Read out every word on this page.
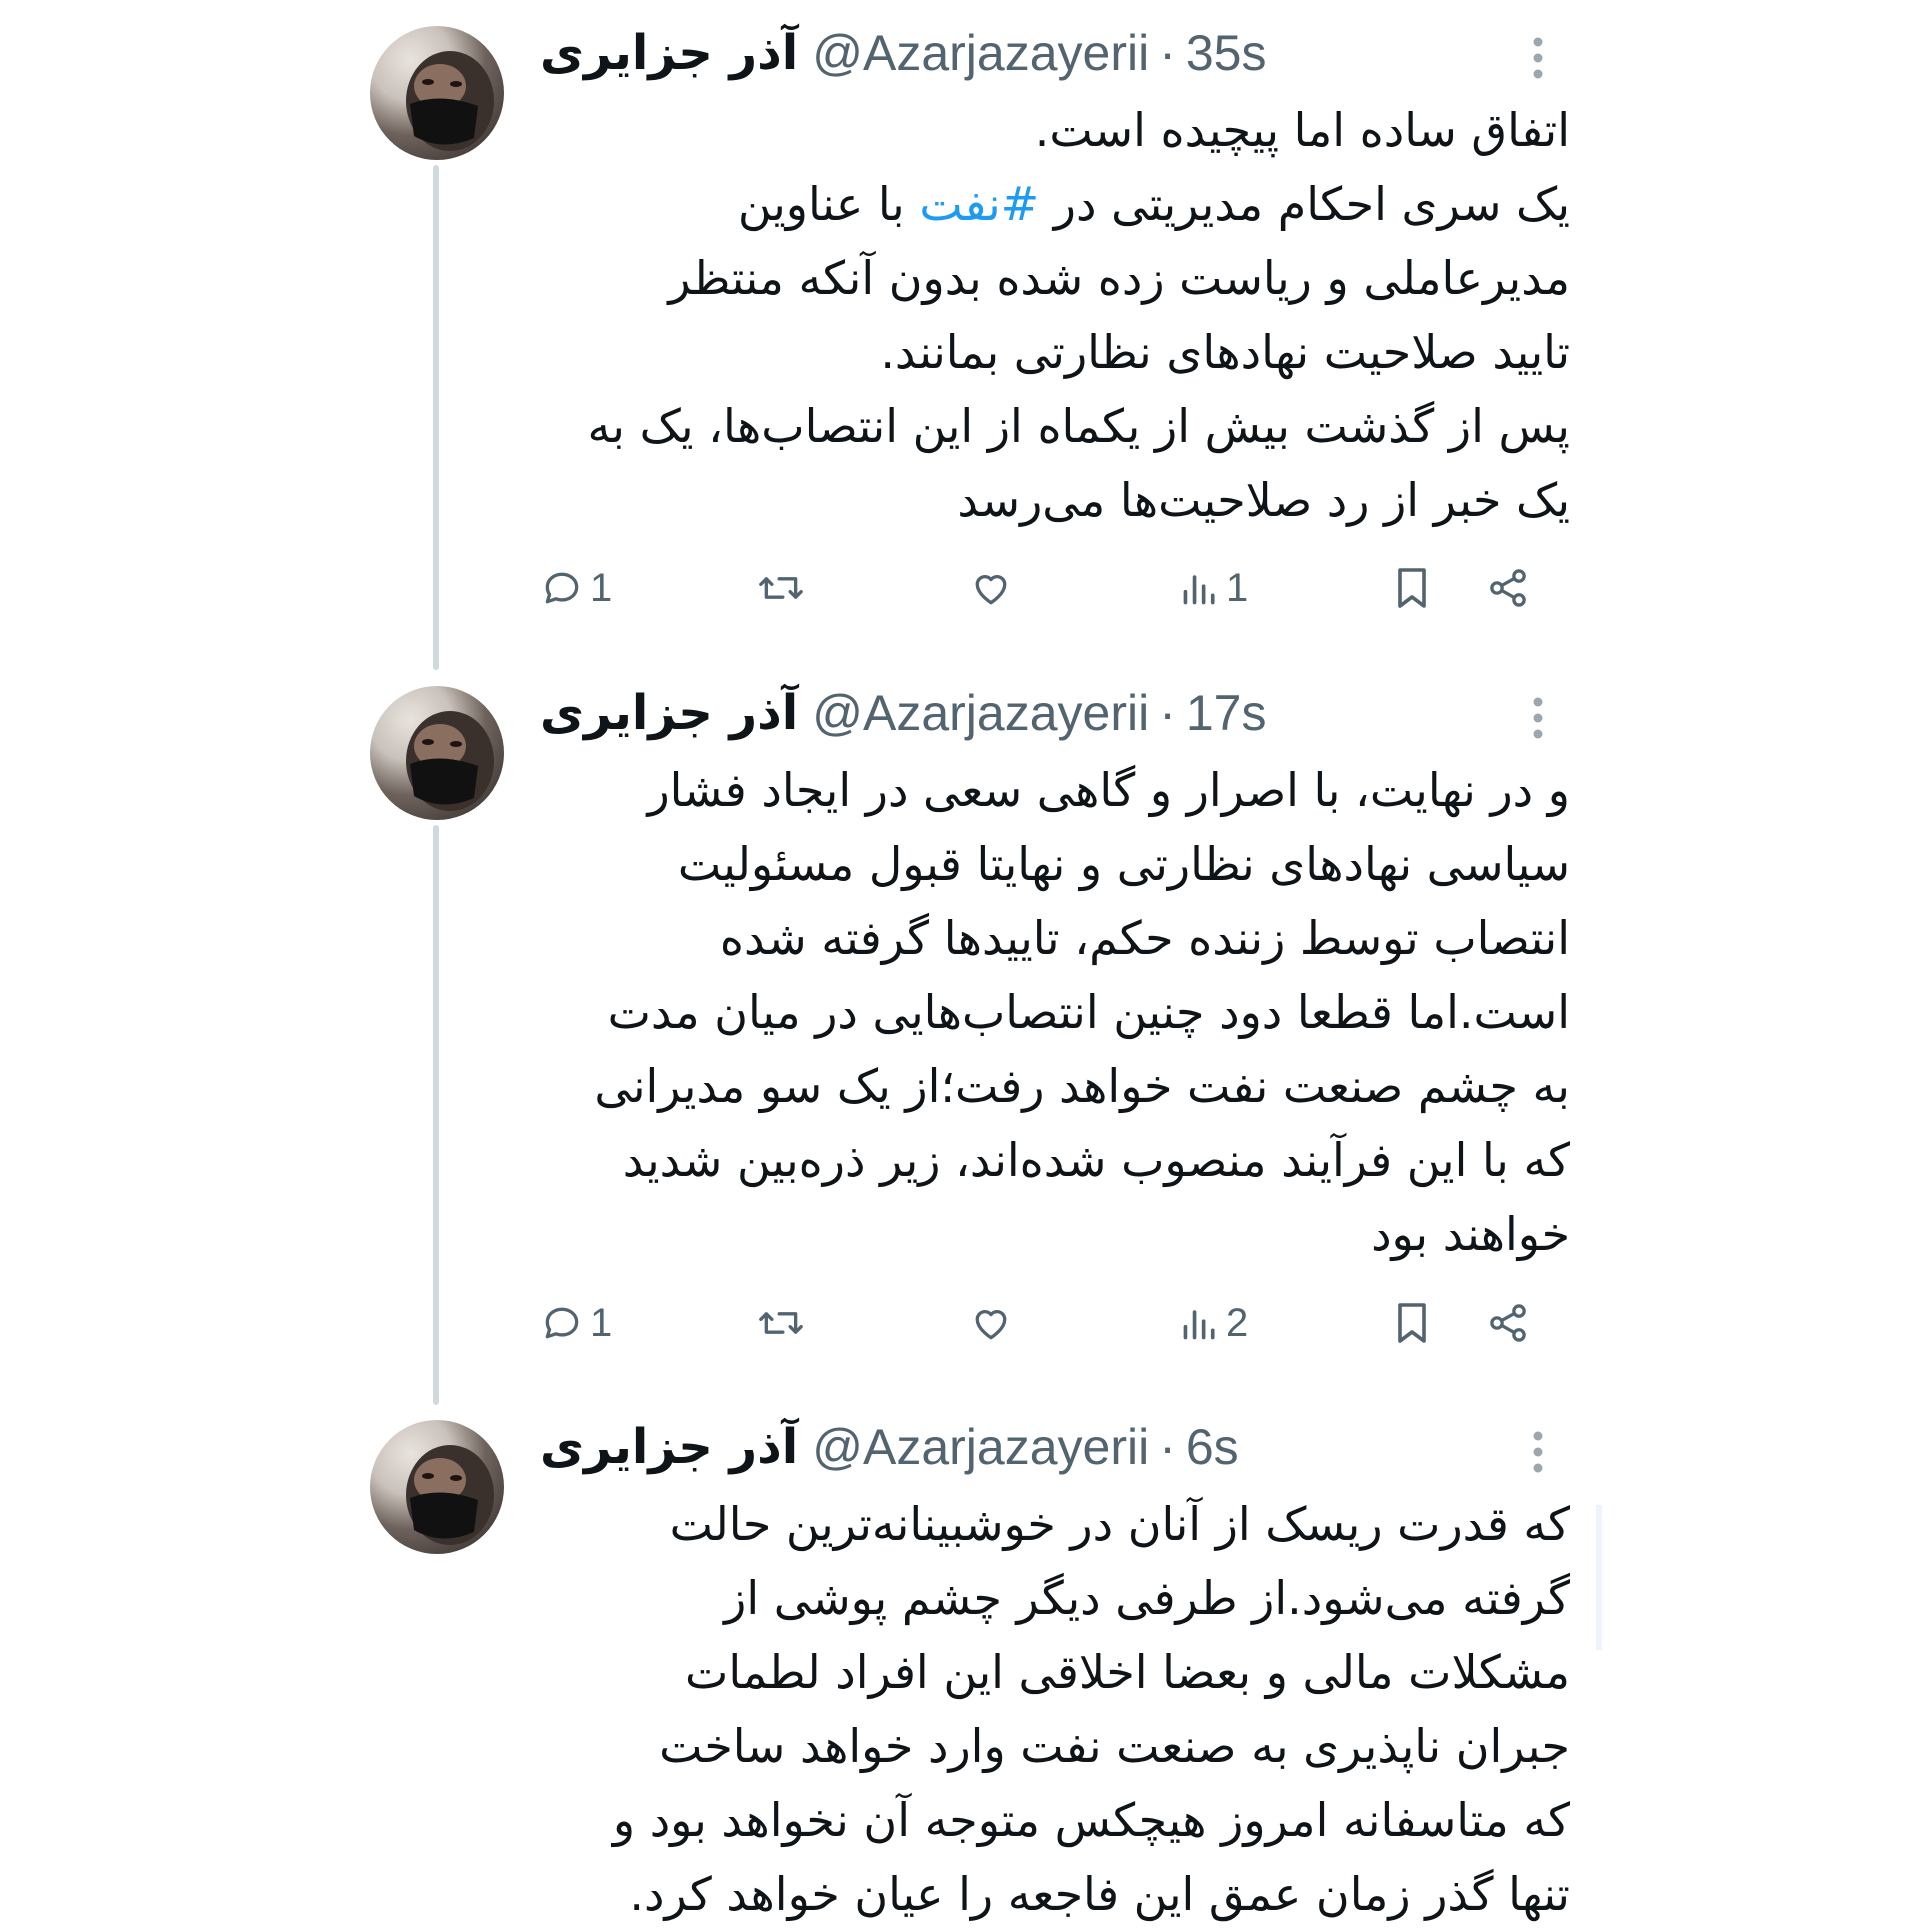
آذر جزایری @Azarjazayerii · 35s
اتفاق ساده اما پیچیده است.
یک سری احکام مدیریتی در #نفت با عناوین
مدیرعاملی و ریاست زده شده بدون آنکه منتظر
تایید صلاحیت نهادهای نظارتی بمانند.
پس از گذشت بیش از یکماه از این انتصاب‌ها، یک به
یک خبر از رد صلاحیت‌ها می‌رسد
1	1
آذر جزایری @Azarjazayerii · 17s
و در نهایت، با اصرار و گاهی سعی در ایجاد فشار
سیاسی نهادهای نظارتی و نهایتا قبول مسئولیت
انتصاب توسط زننده حکم، تاییدها گرفته شده
است.اما قطعا دود چنین انتصاب‌هایی در میان مدت
به چشم صنعت نفت خواهد رفت؛از یک سو مدیرانی
که با این فرآیند منصوب شده‌اند، زیر ذره‌بین شدید
خواهند بود
1	2
آذر جزایری @Azarjazayerii · 6s
که قدرت ریسک از آنان در خوشبینانه‌ترین حالت
گرفته می‌شود.از طرفی دیگر چشم پوشی از
مشکلات مالی و بعضا اخلاقی این افراد لطمات
جبران ناپذیری به صنعت نفت وارد خواهد ساخت
که متاسفانه امروز هیچکس متوجه آن نخواهد بود و
تنها گذر زمان عمق این فاجعه را عیان خواهد کرد.
